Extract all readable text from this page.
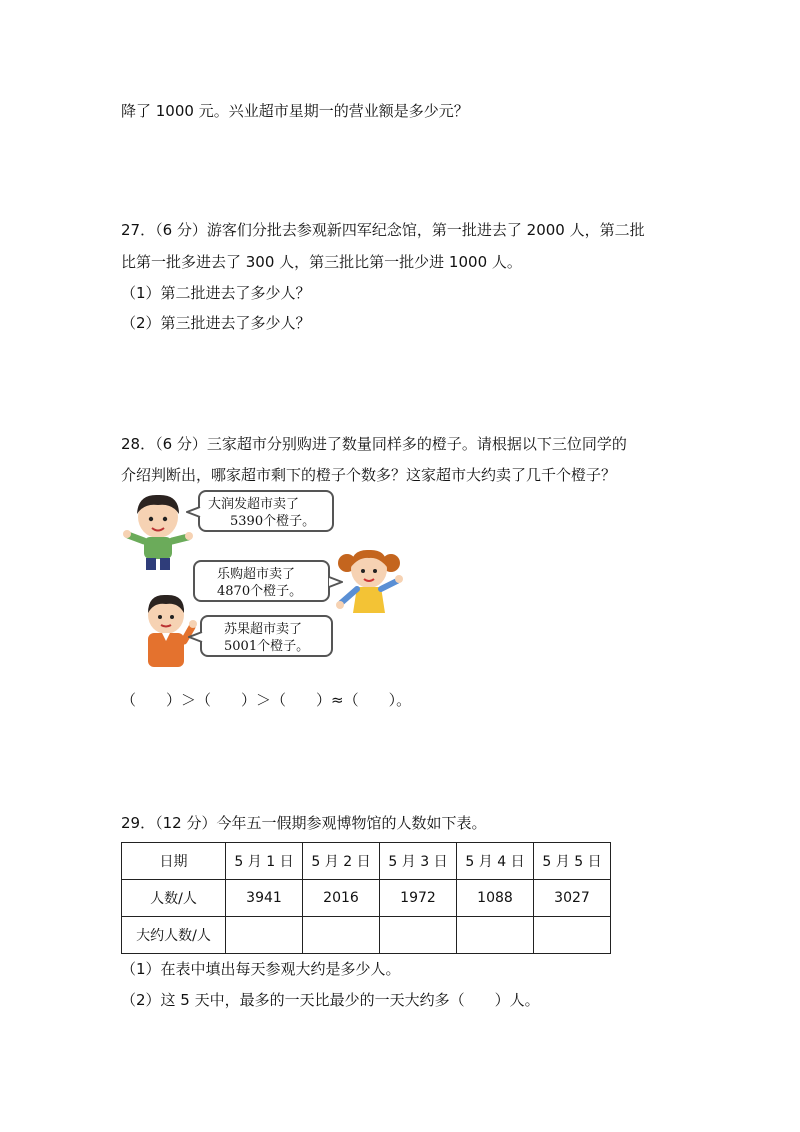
降了 1000 元。兴业超市星期一的营业额是多少元？
27．（6 分）游客们分批去参观新四军纪念馆，第一批进去了 2000 人，第二批
比第一批多进去了 300 人，第三批比第一批少进 1000 人。
（1）第二批进去了多少人？
（2）第三批进去了多少人？
28．（6 分）三家超市分别购进了数量同样多的橙子。请根据以下三位同学的
介绍判断出，哪家超市剩下的橙子个数多？这家超市大约卖了几千个橙子？
大润发超市卖了
5390个橙子。
乐购超市卖了
4870个橙子。
苏果超市卖了
5001个橙子。
（　　）＞（　　）＞（　　）≈（　　）。
29．（12 分）今年五一假期参观博物馆的人数如下表。
日期	5 月 1 日	5 月 2 日	5 月 3 日	5 月 4 日	5 月 5 日
人数/人	3941	2016	1972	1088	3027
大约人数/人					
（1）在表中填出每天参观大约是多少人。
（2）这 5 天中，最多的一天比最少的一天大约多（　　）人。
